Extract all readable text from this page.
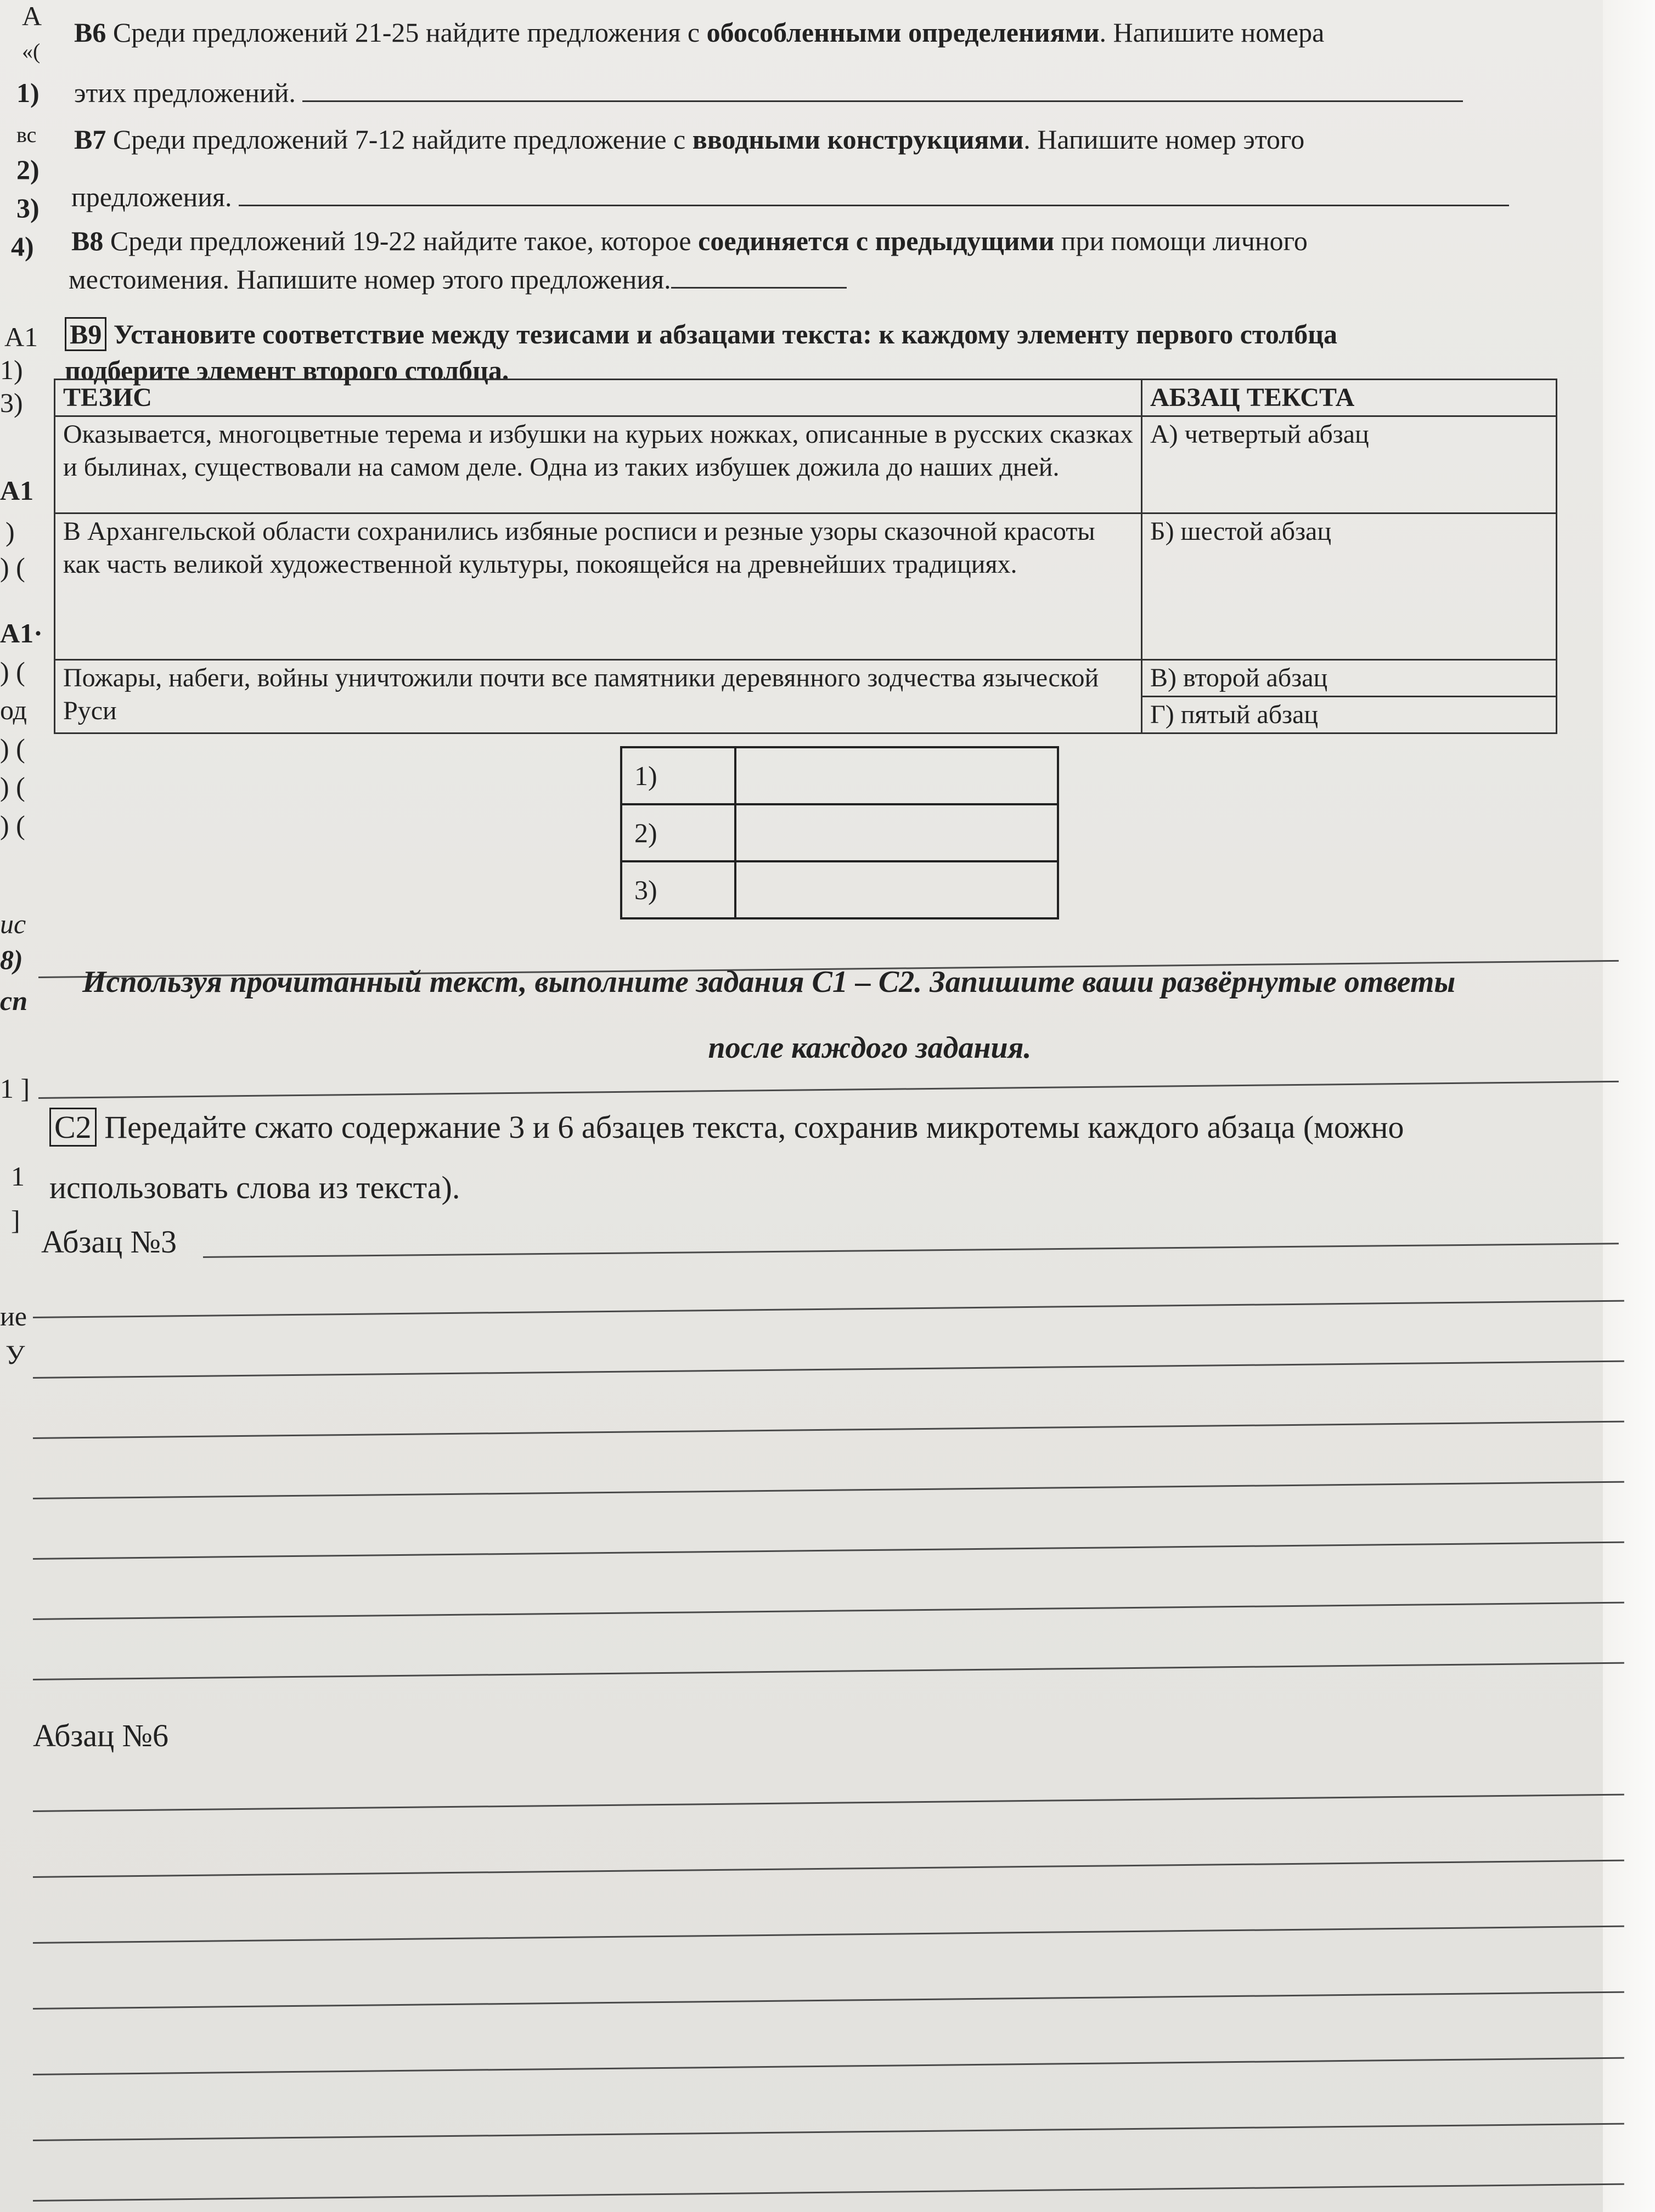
А
«(
1)
вс
2)
3)
4)
А1
1)
3)
А1
)
) (
А1·
) (
од
) (
) (
) (
ис
8)
сп
1 ]
1
]
ие
У
В6 Среди предложений 21-25 найдите предложения с обособленными определениями. Напишите номера
этих предложений.
В7 Среди предложений 7-12 найдите предложение с вводными конструкциями. Напишите номер этого
предложения.
В8 Среди предложений 19-22 найдите такое, которое соединяется с предыдущими при помощи личного
местоимения. Напишите номер этого предложения.
В9 Установите соответствие между тезисами и абзацами текста: к каждому элементу первого столбца
подберите элемент второго столбца.
ТЕЗИС	АБЗАЦ ТЕКСТА
Оказывается, многоцветные терема и избушки на курьих ножках, описанные в русских сказках и былинах, существовали на самом деле. Одна из таких избушек дожила до наших дней.	А) четвертый абзац
В Архангельской области сохранились избяные росписи и резные узоры сказочной красоты как часть великой художественной культуры, покоящейся на древнейших традициях.	Б) шестой абзац
Пожары, набеги, войны уничтожили почти все памятники деревянного зодчества языческой Руси	В) второй абзац
	Г) пятый абзац
1)	
2)	
3)	
Используя прочитанный текст, выполните задания С1 – С2. Запишите ваши развёрнутые ответы
после каждого задания.
С2 Передайте сжато содержание 3 и 6 абзацев текста, сохранив микротемы каждого абзаца (можно
использовать слова из текста).
Абзац №3
Абзац №6
